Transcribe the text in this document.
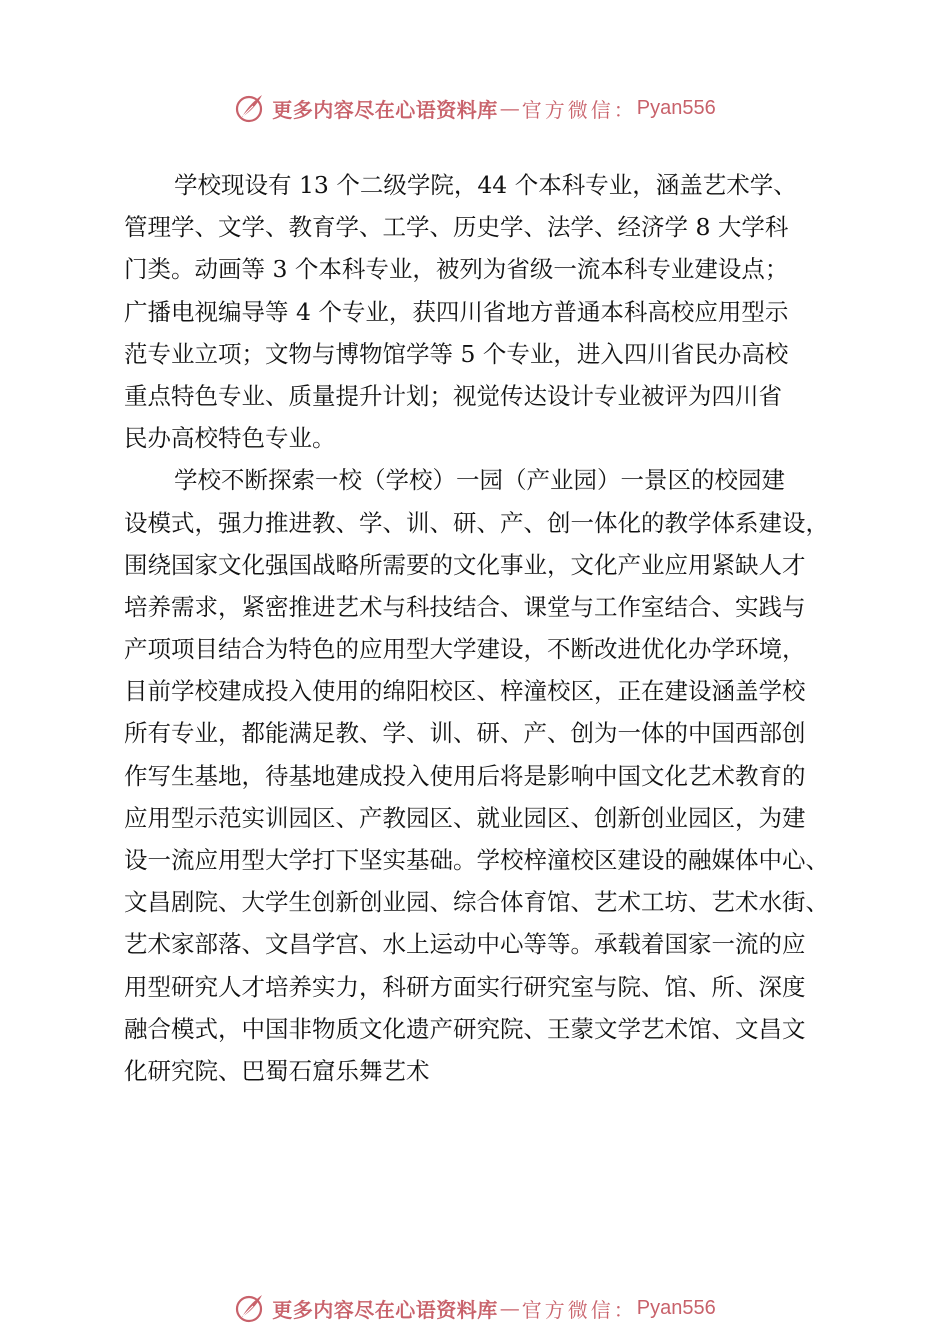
更多内容尽在心语资料库 — 官方微信： Pyan556
学校现设有 13 个二级学院，44 个本科专业，涵盖艺术学、
管理学、文学、教育学、工学、历史学、法学、经济学 8 大学科
门类。动画等 3 个本科专业，被列为省级一流本科专业建设点；
广播电视编导等 4 个专业，获四川省地方普通本科高校应用型示
范专业立项；文物与博物馆学等 5 个专业，进入四川省民办高校
重点特色专业、质量提升计划；视觉传达设计专业被评为四川省
民办高校特色专业。
学校不断探索一校（学校）一园（产业园）一景区的校园建
设模式，强力推进教、学、训、研、产、创一体化的教学体系建设，
围绕国家文化强国战略所需要的文化事业，文化产业应用紧缺人才
培养需求，紧密推进艺术与科技结合、课堂与工作室结合、实践与
产项项目结合为特色的应用型大学建设，不断改进优化办学环境，
目前学校建成投入使用的绵阳校区、梓潼校区，正在建设涵盖学校
所有专业，都能满足教、学、训、研、产、创为一体的中国西部创
作写生基地，待基地建成投入使用后将是影响中国文化艺术教育的
应用型示范实训园区、产教园区、就业园区、创新创业园区，为建
设一流应用型大学打下坚实基础。学校梓潼校区建设的融媒体中心、
文昌剧院、大学生创新创业园、综合体育馆、艺术工坊、艺术水街、
艺术家部落、文昌学宫、水上运动中心等等。承载着国家一流的应
用型研究人才培养实力，科研方面实行研究室与院、馆、所、深度
融合模式，中国非物质文化遗产研究院、王蒙文学艺术馆、文昌文
化研究院、巴蜀石窟乐舞艺术
更多内容尽在心语资料库 — 官方微信： Pyan556
